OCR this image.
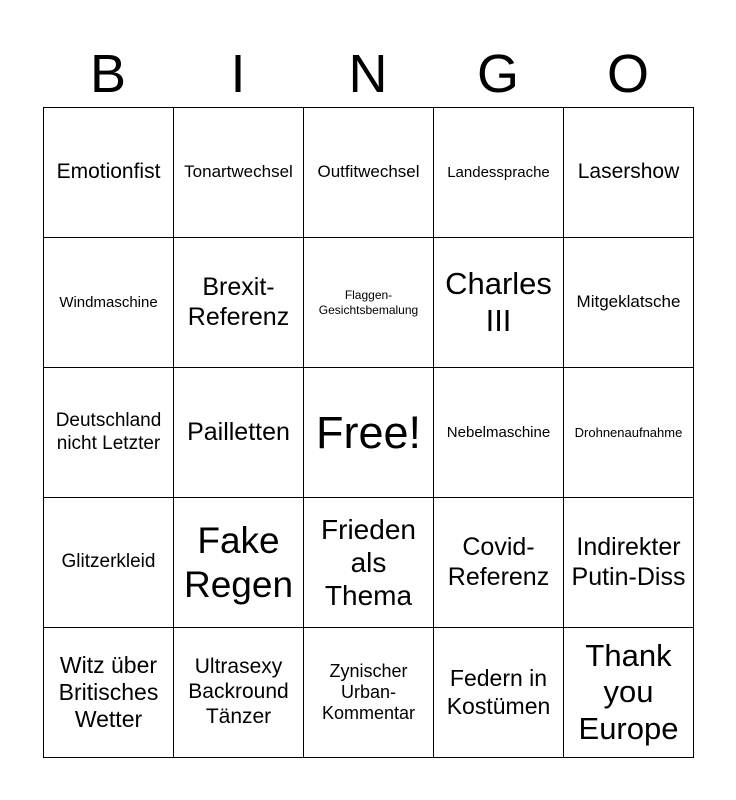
B	I	N	G	O
Emotionfist	Tonartwechsel	Outfitwechsel	Landessprache	Lasershow
Windmaschine	Brexit-Referenz	Flaggen-Gesichtsbemalung	Charles III	Mitgeklatsche
Deutschland nicht Letzter	Pailletten	Free!	Nebelmaschine	Drohnenaufnahme
Glitzerkleid	Fake Regen	Frieden als Thema	Covid-Referenz	Indirekter Putin-Diss
Witz über Britisches Wetter	Ultrasexy Backround Tänzer	Zynischer Urban-Kommentar	Federn in Kostümen	Thank you Europe
